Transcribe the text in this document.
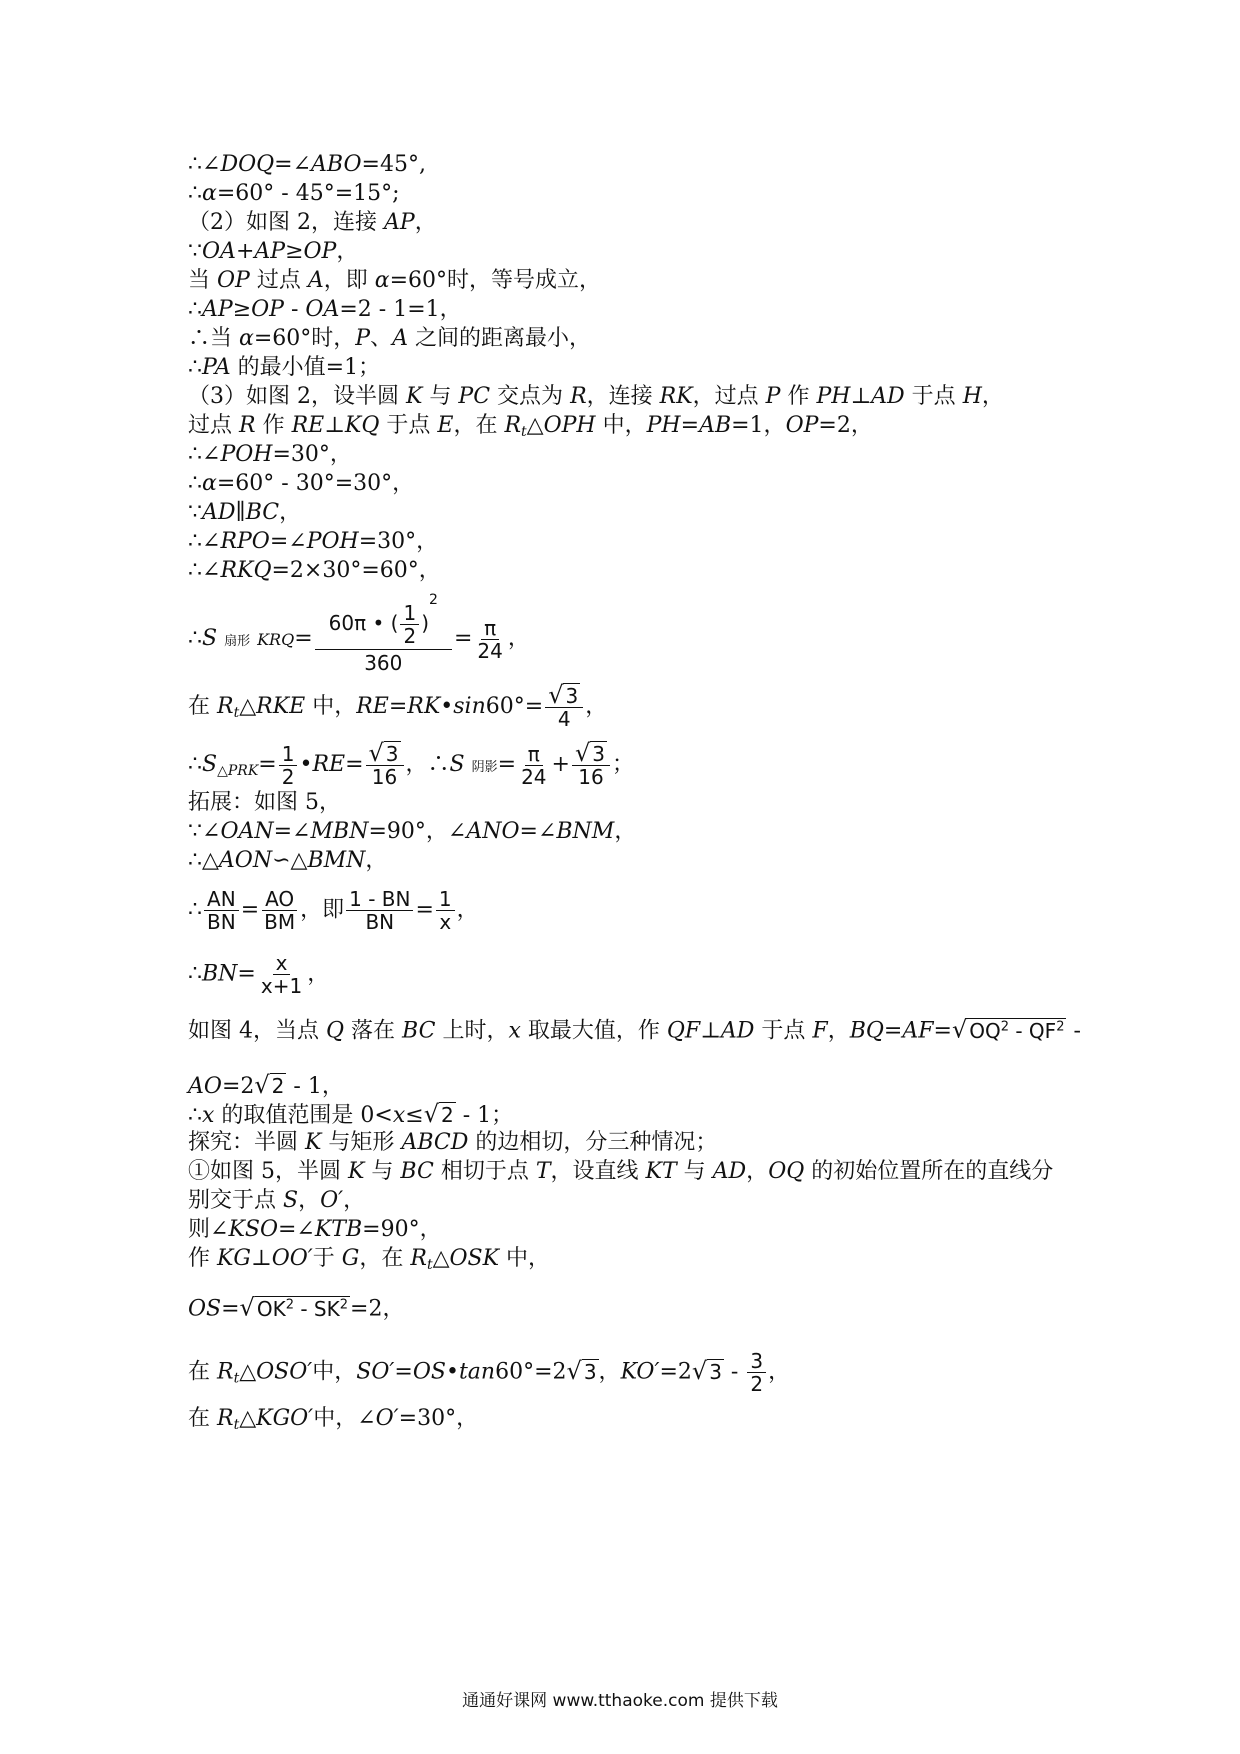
∴∠DOQ=∠ABO=45°,
∴α=60° - 45°=15°;
（2）如图 2，连接 AP，
∵OA+AP≥OP，
当 OP 过点 A，即 α=60°时，等号成立，
∴AP≥OP - OA=2 - 1=1，
∴当 α=60°时，P、A 之间的距离最小，
∴PA 的最小值=1；
（3）如图 2，设半圆 K 与 PC 交点为 R，连接 RK，过点 P 作 PH⊥AD 于点 H，
过点 R 作 RE⊥KQ 于点 E，在 $R_t\triangle OPH$ 中，PH=AB=1，OP=2，
∴∠POH=30°，
∴α=60° - 30°=30°，
∵AD∥BC，
∴∠RPO=∠POH=30°，
∴∠RKQ=2×30°=60°，
∴S 扇形 $KRQ= \frac{60\pi • ( \frac{1}{2} )^2}{360} = \frac{\pi}{24}$ ，
在 $R_t\triangle RKE$ 中，RE=RK•sin60°= $\frac{√ 3}{4}$ ，
$\therefore S_{\triangle PRK}= \frac{1}{2}$ •RE= $\frac{√ 3}{16}$ ，∴S 阴影= $\frac{\pi}{24} + \frac{√ 3}{16}$ ；
拓展：如图 5，
∵∠OAN=∠MBN=90°，∠ANO=∠BNM，
∴△AON∽△BMN，
∴ $\frac{AN}{BN} = \frac{AO}{BM}$ ，即 $\frac{1 - BN}{BN} = \frac{1}{x}$ ，
∴BN= $\frac{x}{x+1}$ ，
如图 4，当点 Q 落在 BC 上时，x 取最大值，作 QF⊥AD 于点 F，BQ=AF=√ $OQ^2 - QF^2$ -
AO=2√ 2 - 1，
∴x 的取值范围是 0<x≤√ 2 - 1；
探究：半圆 K 与矩形 ABCD 的边相切，分三种情况；
①如图 5，半圆 K 与 BC 相切于点 T，设直线 KT 与 AD，OQ 的初始位置所在的直线分
别交于点 S，O′，
则∠KSO=∠KTB=90°，
作 KG⊥OO′于 G，在 $R_t\triangle OSK$ 中，
OS=√ $OK^2 - SK^2=2$，
在 $R_t\triangle OSO'$中，SO′=OS•tan60°=2√ 3，KO′=2√ $3 - \frac{3}{2}$ ，
在 $R_t\triangle KGO'$中，∠O′=30°，
通通好课网 www.tthaoke.com 提供下载
